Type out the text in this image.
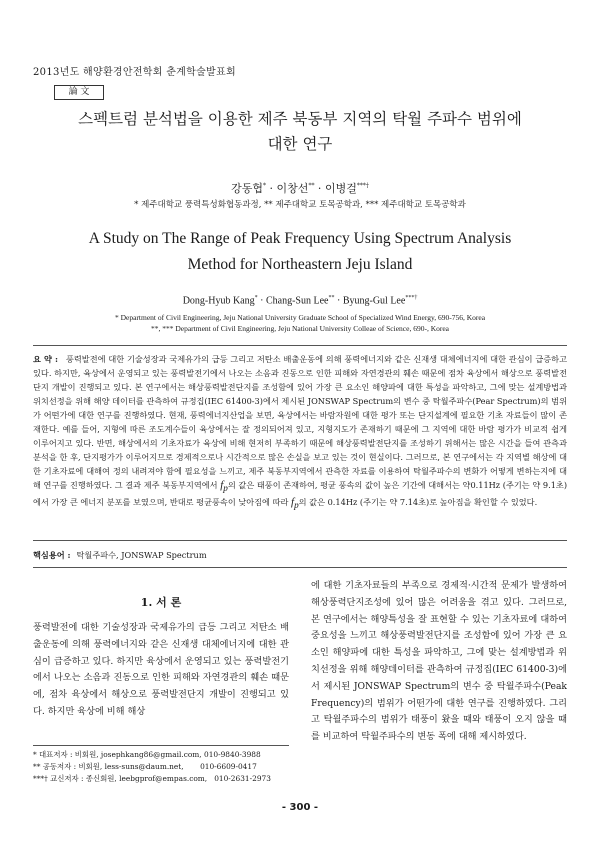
2013년도 해양환경안전학회 춘계학술발표회
論 文
스펙트럼 분석법을 이용한 제주 북동부 지역의 탁월 주파수 범위에
대한 연구
강동협* · 이창선** · 이병걸***†
* 제주대학교 풍력특성화협동과정, ** 제주대학교 토목공학과, *** 제주대학교 토목공학과
A Study on The Range of Peak Frequency Using Spectrum Analysis
Method for Northeastern Jeju Island
Dong-Hyub Kang* · Chang-Sun Lee** · Byung-Gul Lee***†
* Department of Civil Engineering, Jeju National University Graduate School of Specialized Wind Energy, 690-756, Korea
**, *** Department of Civil Engineering, Jeju National University Colleae of Science, 690-, Korea
요 약 : 풍력발전에 대한 기술성장과 국제유가의 급등 그리고 저탄소 배출운동에 의해 풍력에너지와 같은 신재생 대체에너지에 대한 관심이 급증하고 있다. 하지만, 육상에서 운영되고 있는 풍력발전기에서 나오는 소음과 진동으로 인한 피해와 자연경관의 훼손 때문에 점차 육상에서 해상으로 풍력발전단지 개발이 진행되고 있다. 본 연구에서는 해상풍력발전단지를 조성함에 있어 가장 큰 요소인 해양파에 대한 특성을 파악하고, 그에 맞는 설계방법과 위치선정을 위해 해양 데이터를 관측하여 규정집(IEC 61400-3)에서 제시된 JONSWAP Spectrum의 변수 중 탁월주파수(Pear Spectrum)의 범위가 어떤가에 대한 연구를 진행하였다. 현재, 풍력에너지산업을 보면, 육상에서는 바람자원에 대한 평가 또는 단지설계에 필요한 기초 자료들이 많이 존재한다. 예를 들어, 지형에 따른 조도계수들이 육상에서는 잘 정의되어져 있고, 지형지도가 존재하기 때문에 그 지역에 대한 바람 평가가 비교적 쉽게 이루어지고 있다. 반면, 해상에서의 기초자료가 육상에 비해 현저히 부족하기 때문에 해상풍력발전단지를 조성하기 위해서는 많은 시간을 들여 관측과 분석을 한 후, 단지평가가 이루어지므로 경제적으로나 시간적으로 많은 손실을 보고 있는 것이 현실이다. 그러므로, 본 연구에서는 각 지역별 해상에 대한 기초자료에 대해여 정의 내려져야 함에 필요성을 느끼고, 제주 북동부지역에서 관측한 자료를 이용하여 탁월주파수의 변화가 어떻게 변하는지에 대해 연구를 진행하였다. 그 결과 제주 북동부지역에서 $f_p$의 값은 태풍이 존재하여, 평균 풍속의 값이 높은 기간에 대해서는 약0.11Hz (주기는 약 9.1초)에서 가장 큰 에너지 분포를 보였으며, 반대로 평균풍속이 낮아짐에 따라 $f_p$의 값은 0.14Hz (주기는 약 7.14초)로 높아짐을 확인할 수 있었다.
핵심용어 : 탁월주파수, JONSWAP Spectrum
1. 서 론
풍력발전에 대한 기술성장과 국제유가의 급등 그리고 저탄소 배출운동에 의해 풍력에너지와 같은 신재생 대체에너지에 대한 관심이 급증하고 있다. 하지만 육상에서 운영되고 있는 풍력발전기에서 나오는 소음과 진동으로 인한 피해와 자연경관의 훼손 때문에, 점차 육상에서 해상으로 풍력발전단지 개발이 진행되고 있다. 하지만 육상에 비해 해상
에 대한 기초자료들의 부족으로 경제적·시간적 문제가 발생하여 해상풍력단지조성에 있어 많은 어려움을 겪고 있다. 그러므로, 본 연구에서는 해양특성을 잘 표현할 수 있는 기초자료에 대하여 중요성을 느끼고 해상풍력발전단지를 조성함에 있어 가장 큰 요소인 해양파에 대한 특성을 파악하고, 그에 맞는 설계방법과 위치선정을 위해 해양데이터를 관측하여 규정집(IEC 61400-3)에서 제시된 JONSWAP Spectrum의 변수 중 탁월주파수(Peak Frequency)의 범위가 어떤가에 대한 연구를 진행하였다. 그리고 탁월주파수의 범위가 태풍이 왔을 때와 태풍이 오지 않을 때를 비교하여 탁월주파수의 변동 폭에 대해 제시하였다.
* 대표저자 : 비회원, josephkang86@gmail.com, 010-9840-3988
** 공동저자 : 비회원, less-suns@daum.net,       010-6609-0417
***† 교신저자 : 종신회원, leebgprof@empas.com,   010-2631-2973
- 300 -
